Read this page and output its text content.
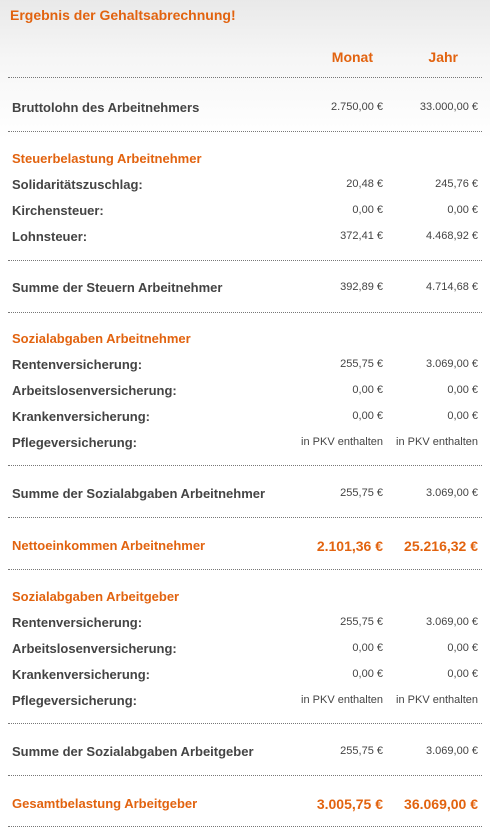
Ergebnis der Gehaltsabrechnung!
Monat	Jahr
Bruttolohn des Arbeitnehmers	2.750,00 €	33.000,00 €
Steuerbelastung Arbeitnehmer
Solidaritätszuschlag:	20,48 €	245,76 €
Kirchensteuer:	0,00 €	0,00 €
Lohnsteuer:	372,41 €	4.468,92 €
Summe der Steuern Arbeitnehmer	392,89 €	4.714,68 €
Sozialabgaben Arbeitnehmer
Rentenversicherung:	255,75 €	3.069,00 €
Arbeitslosenversicherung:	0,00 €	0,00 €
Krankenversicherung:	0,00 €	0,00 €
Pflegeversicherung:	in PKV enthalten in PKV enthalten
Summe der Sozialabgaben Arbeitnehmer	255,75 €	3.069,00 €
Nettoeinkommen Arbeitnehmer	2.101,36 € 25.216,32 €
Sozialabgaben Arbeitgeber
Rentenversicherung:	255,75 €	3.069,00 €
Arbeitslosenversicherung:	0,00 €	0,00 €
Krankenversicherung:	0,00 €	0,00 €
Pflegeversicherung:	in PKV enthalten in PKV enthalten
Summe der Sozialabgaben Arbeitgeber	255,75 €	3.069,00 €
Gesamtbelastung Arbeitgeber	3.005,75 € 36.069,00 €
